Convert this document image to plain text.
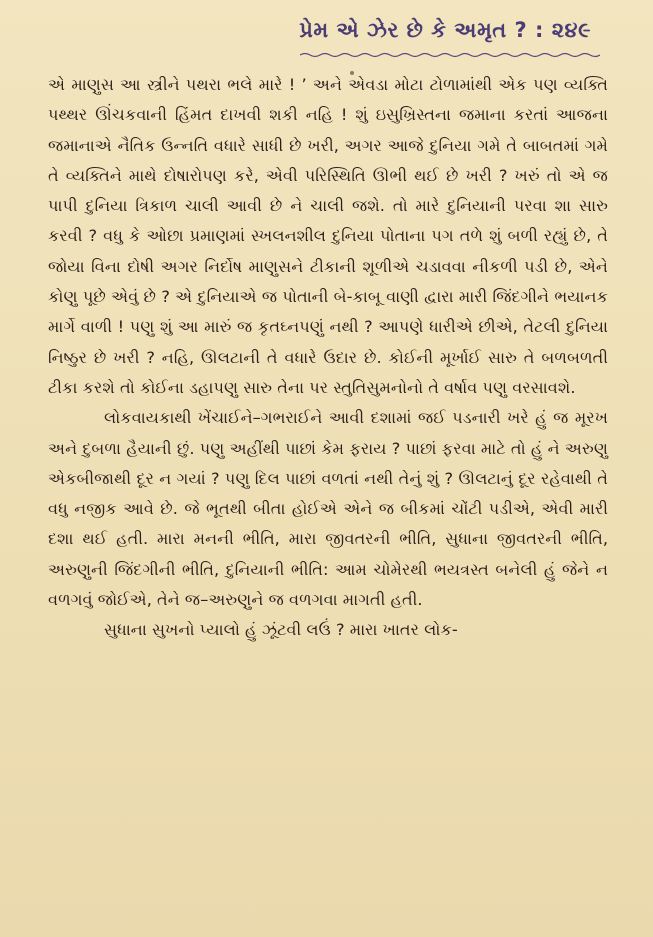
પ્રેમ એ ઝેર છે કે અમૃત ? : ૨૪૯

એ માણુસ આ સ્ત્રીને પથરા ભલે મારે ! ’ અને એવડા મોટા ટોળામાંથી એક પણ વ્યક્તિ પથ્થર ઊંચકવાની હિંમત દાખવી શકી નહિ ! શું ઇસુખ્રિસ્તના જમાના કરતાં આજના જમાનાએ નૈતિક ઉન્નતિ વધારે સાધી છે ખરી, અગર આજે દુનિયા ગમે તે બાબતમાં ગમે તે વ્યક્તિને માથે દોષારોપણ કરે, એવી પરિસ્થિતિ ઊભી થઈ છે ખરી ? ખરું તો એ જ પાપી દુનિયા ત્રિકાળ ચાલી આવી છે ને ચાલી જશે. તો મારે દુનિયાની પરવા શા સારુ કરવી ? વધુ કે ઓછા પ્રમાણમાં સ્ખલનશીલ દુનિયા પોતાના પગ તળે શું બળી રહ્યું છે, તે જોયા વિના દોષી અગર નિર્દોષ માણુસને ટીકાની શૂળીએ ચડાવવા નીકળી પડી છે, એને કોણુ પૂછે એવું છે ? એ દુનિયાએ જ પોતાની બે-કાબૂ વાણી દ્વારા મારી જિંદગીને ભયાનક માર્ગે વાળી ! પણુ શું આ મારું જ કૃતઘ્નપણું નથી ? આપણે ધારીએ છીએ, તેટલી દુનિયા નિષ્ઠુર છે ખરી ? નહિ, ઊલટાની તે વધારે ઉદાર છે. કોઈની મૂર્ખાઈ સારુ તે બળબળતી ટીકા કરશે તો કોઈના ડહાપણુ સારુ તેના પર સ્તુતિસુમનોનો તે વર્ષાવ પણુ વરસાવશે.

લોકવાયકાથી ખેંચાઈને–ગભરાઈને આવી દશામાં જઈ પડનારી ખરે હું જ મૂરખ અને દુબળા હૈયાની છું. પણુ અહીંથી પાછાં કેમ ફરાય ? પાછાં ફરવા માટે તો હું ને અરુણુ એકબીજાથી દૂર ન ગયાં ? પણુ દિલ પાછાં વળતાં નથી તેનું શું ? ઊલટાનું દૂર રહેવાથી તે વધુ નજીક આવે છે. જે ભૂતથી બીતા હોઈએ એને જ બીકમાં ચોંટી પડીએ, એવી મારી દશા થઈ હતી. મારા મનની ભીતિ, મારા જીવતરની ભીતિ, સુધાના જીવતરની ભીતિ, અરુણુની જિંદગીની ભીતિ, દુનિયાની ભીતિ: આમ ચોમેરથી ભયત્રસ્ત બનેલી હું જેને ન વળગવું જોઈએ, તેને જ–અરુણુને જ વળગવા માગતી હતી.

સુધાના સુખનો પ્યાલો હું ઝૂંટવી લઉં ? મારા ખાતર લોક-
